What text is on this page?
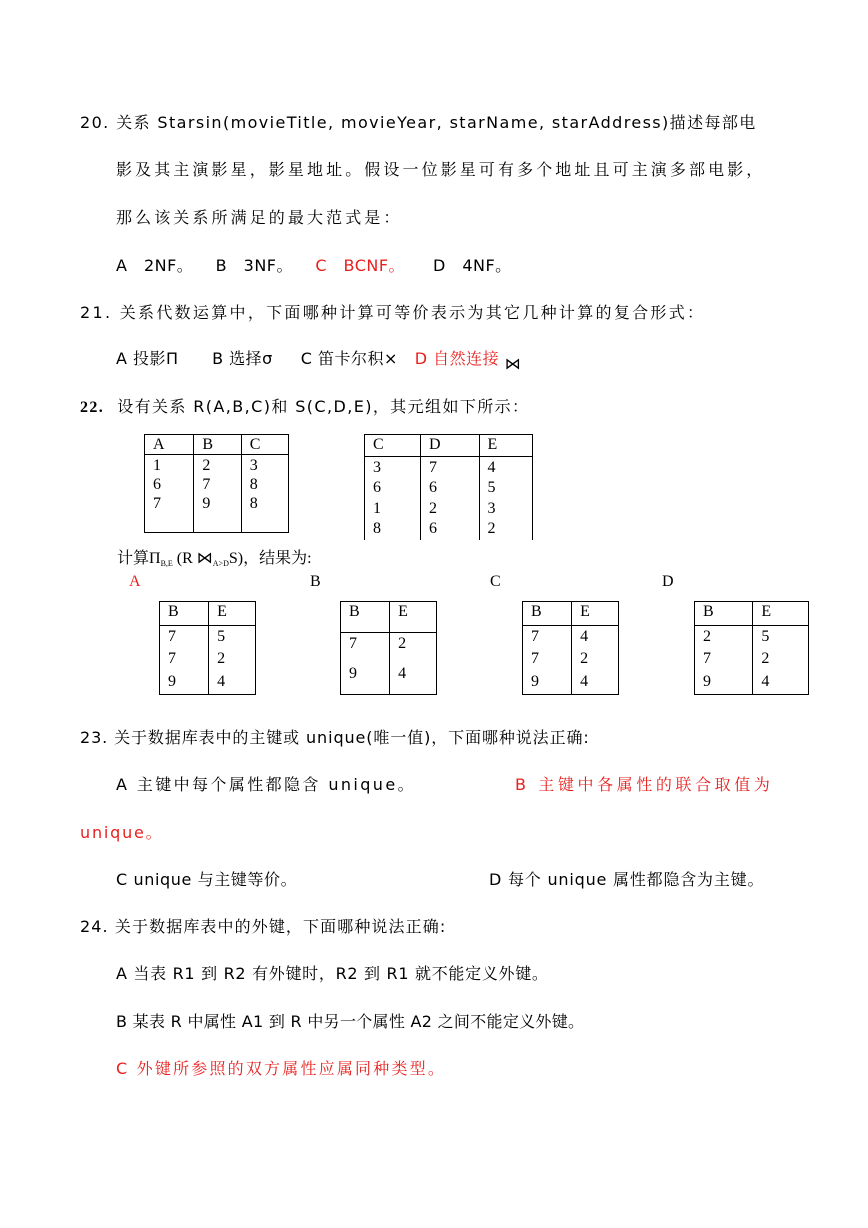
20. 关系 Starsin(movieTitle, movieYear, starName, starAddress)描述每部电
影及其主演影星，影星地址。假设一位影星可有多个地址且可主演多部电影，
那么该关系所满足的最大范式是：
A　2NF。 B　3NF。 C　BCNF。 D　4NF。
21. 关系代数运算中，下面哪种计算可等价表示为其它几种计算的复合形式：
A 投影Π B 选择σ C 笛卡尔积× D 自然连接 ⋈
22. 设有关系 R(A,B,C)和 S(C,D,E)，其元组如下所示：
A	B	C
1	2	3
6	7	8
7	9	8
C	D	E
3	7	4
6	6	5
1	2	3
8	6	2
计算$\Pi_{B,E}$ (R $⋈_{A>D}S$)，结果为:
A	B	C	D
B	E
7	5
7	2
9	4
B	E
7	2
9	4

B	E
7	4
7	2
9	4
B	E
2	5
7	2
9	4
23. 关于数据库表中的主键或 unique(唯一值)，下面哪种说法正确:
A 主键中每个属性都隐含 unique。	B 主键中各属性的联合取值为
unique。
C unique 与主键等价。	D 每个 unique 属性都隐含为主键。
24. 关于数据库表中的外键，下面哪种说法正确:
A 当表 R1 到 R2 有外键时，R2 到 R1 就不能定义外键。
B 某表 R 中属性 A1 到 R 中另一个属性 A2 之间不能定义外键。
C 外键所参照的双方属性应属同种类型。
